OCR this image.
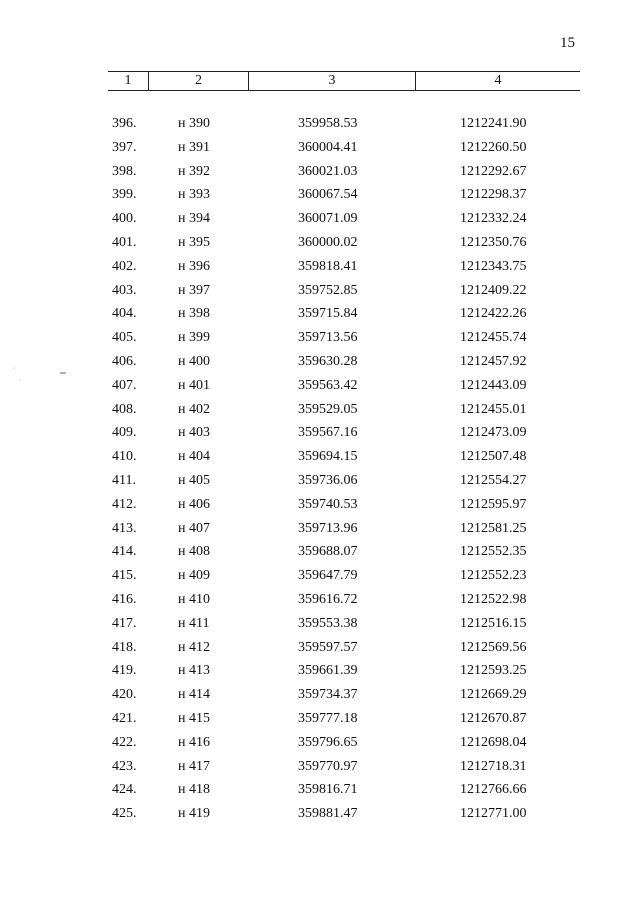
15
1	2	3	4
396.	н 390	359958.53	1212241.90
397.	н 391	360004.41	1212260.50
398.	н 392	360021.03	1212292.67
399.	н 393	360067.54	1212298.37
400.	н 394	360071.09	1212332.24
401.	н 395	360000.02	1212350.76
402.	н 396	359818.41	1212343.75
403.	н 397	359752.85	1212409.22
404.	н 398	359715.84	1212422.26
405.	н 399	359713.56	1212455.74
406.	н 400	359630.28	1212457.92
407.	н 401	359563.42	1212443.09
408.	н 402	359529.05	1212455.01
409.	н 403	359567.16	1212473.09
410.	н 404	359694.15	1212507.48
411.	н 405	359736.06	1212554.27
412.	н 406	359740.53	1212595.97
413.	н 407	359713.96	1212581.25
414.	н 408	359688.07	1212552.35
415.	н 409	359647.79	1212552.23
416.	н 410	359616.72	1212522.98
417.	н 411	359553.38	1212516.15
418.	н 412	359597.57	1212569.56
419.	н 413	359661.39	1212593.25
420.	н 414	359734.37	1212669.29
421.	н 415	359777.18	1212670.87
422.	н 416	359796.65	1212698.04
423.	н 417	359770.97	1212718.31
424.	н 418	359816.71	1212766.66
425.	н 419	359881.47	1212771.00
